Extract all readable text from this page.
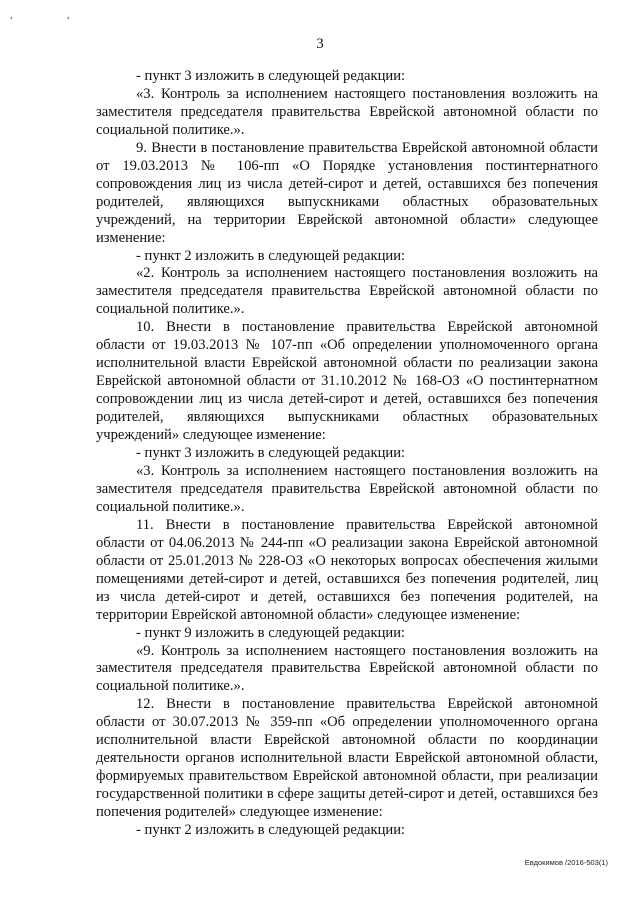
, ,
3

- пункт 3 изложить в следующей редакции:

«3. Контроль за исполнением настоящего постановления возложить на заместителя председателя правительства Еврейской автономной области по социальной политике.».

9. Внести в постановление правительства Еврейской автономной области от 19.03.2013 № 106-пп «О Порядке установления постинтернатного сопровождения лиц из числа детей-сирот и детей, оставшихся без попечения родителей, являющихся выпускниками областных образовательных учреждений, на территории Еврейской автономной области» следующее изменение:

- пункт 2 изложить в следующей редакции:

«2. Контроль за исполнением настоящего постановления возложить на заместителя председателя правительства Еврейской автономной области по социальной политике.».

10. Внести в постановление правительства Еврейской автономной области от 19.03.2013 № 107-пп «Об определении уполномоченного органа исполнительной власти Еврейской автономной области по реализации закона Еврейской автономной области от 31.10.2012 № 168-ОЗ «О постинтернатном сопровождении лиц из числа детей-сирот и детей, оставшихся без попечения родителей, являющихся выпускниками областных образовательных учреждений» следующее изменение:

- пункт 3 изложить в следующей редакции:

«3. Контроль за исполнением настоящего постановления возложить на заместителя председателя правительства Еврейской автономной области по социальной политике.».

11. Внести в постановление правительства Еврейской автономной области от 04.06.2013 № 244-пп «О реализации закона Еврейской автономной области от 25.01.2013 № 228-ОЗ «О некоторых вопросах обеспечения жилыми помещениями детей-сирот и детей, оставшихся без попечения родителей, лиц из числа детей-сирот и детей, оставшихся без попечения родителей, на территории Еврейской автономной области» следующее изменение:

- пункт 9 изложить в следующей редакции:

«9. Контроль за исполнением настоящего постановления возложить на заместителя председателя правительства Еврейской автономной области по социальной политике.».

12. Внести в постановление правительства Еврейской автономной области от 30.07.2013 № 359-пп «Об определении уполномоченного органа исполнительной власти Еврейской автономной области по координации деятельности органов исполнительной власти Еврейской автономной области, формируемых правительством Еврейской автономной области, при реализации государственной политики в сфере защиты детей-сирот и детей, оставшихся без попечения родителей» следующее изменение:

- пункт 2 изложить в следующей редакции:

Евдокимов /2016-503(1)
